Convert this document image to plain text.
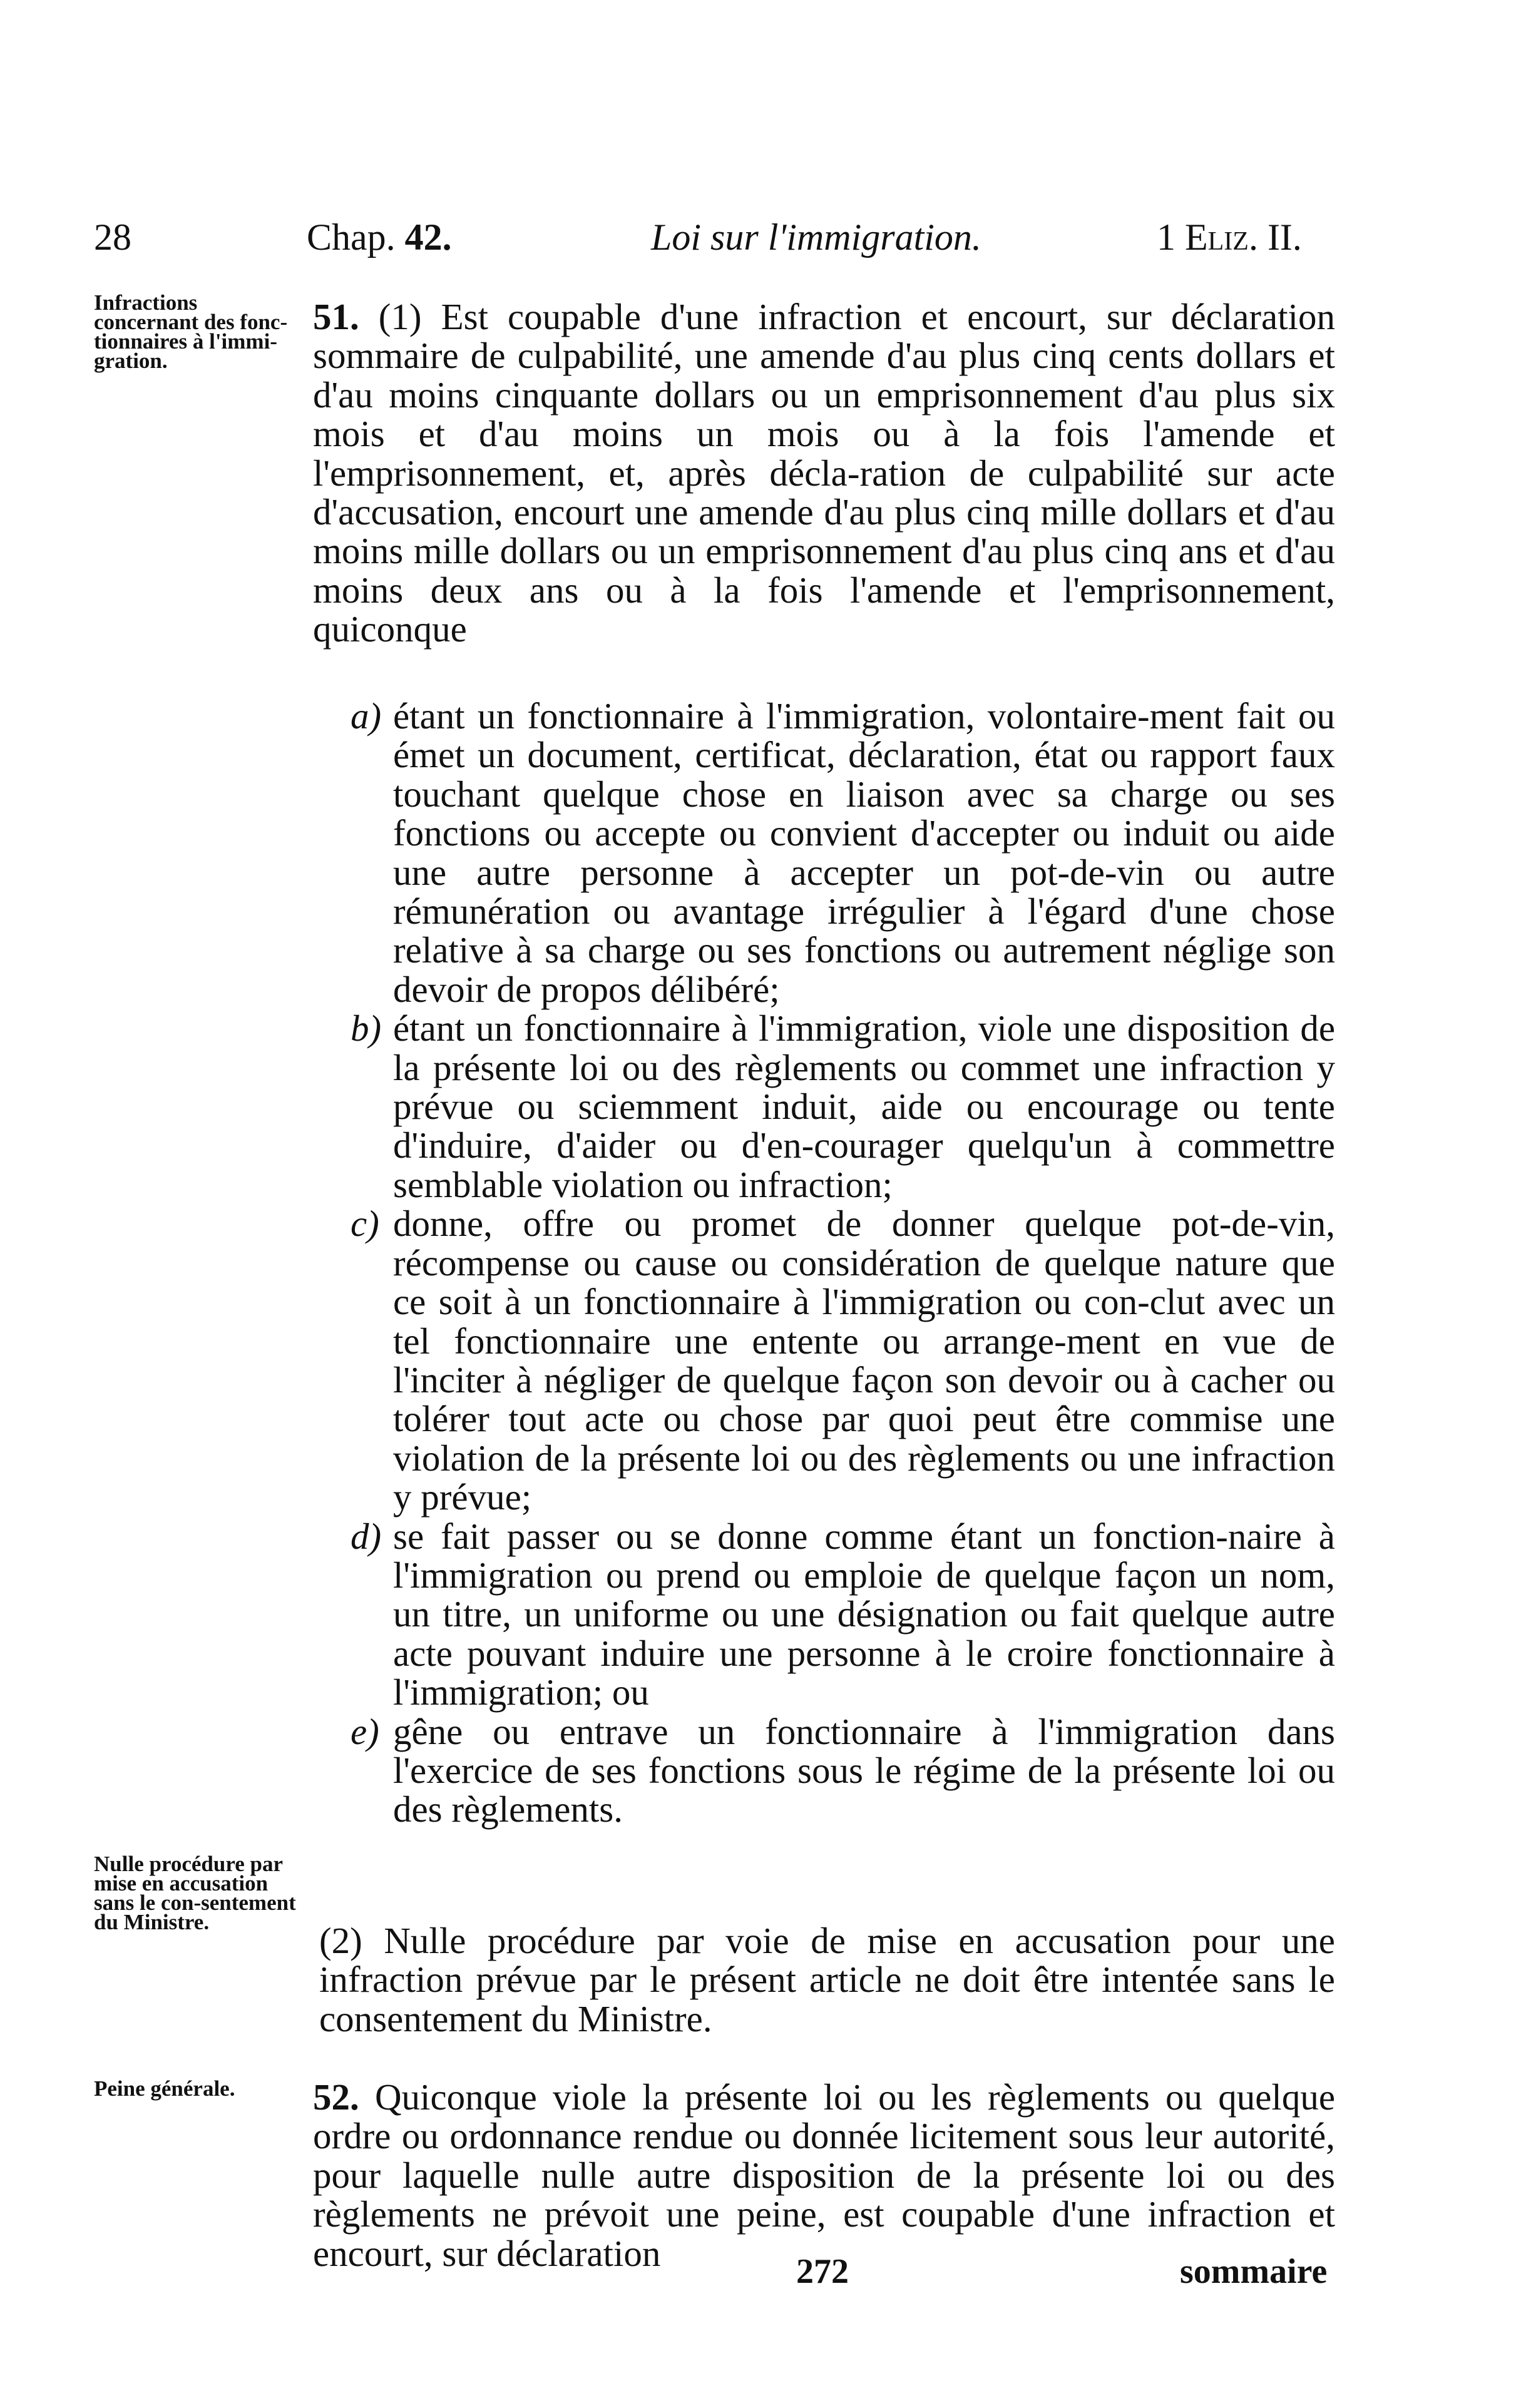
28	Chap. 42.	Loi sur l'immigration.	1 Eliz. II.
Infractions concernant des fonc-tionnaires à l'immi-gration.
Nulle procédure par mise en accusation sans le con-sentement du Ministre.
Peine générale.

51. (1) Est coupable d'une infraction et encourt, sur déclaration sommaire de culpabilité, une amende d'au plus cinq cents dollars et d'au moins cinquante dollars ou un emprisonnement d'au plus six mois et d'au moins un mois ou à la fois l'amende et l'emprisonnement, et, après décla-ration de culpabilité sur acte d'accusation, encourt une amende d'au plus cinq mille dollars et d'au moins mille dollars ou un emprisonnement d'au plus cinq ans et d'au moins deux ans ou à la fois l'amende et l'emprisonnement, quiconque

a) étant un fonctionnaire à l'immigration, volontaire-ment fait ou émet un document, certificat, déclaration, état ou rapport faux touchant quelque chose en liaison avec sa charge ou ses fonctions ou accepte ou convient d'accepter ou induit ou aide une autre personne à accepter un pot-de-vin ou autre rémunération ou avantage irrégulier à l'égard d'une chose relative à sa charge ou ses fonctions ou autrement néglige son devoir de propos délibéré;

b) étant un fonctionnaire à l'immigration, viole une disposition de la présente loi ou des règlements ou commet une infraction y prévue ou sciemment induit, aide ou encourage ou tente d'induire, d'aider ou d'en-courager quelqu'un à commettre semblable violation ou infraction;

c) donne, offre ou promet de donner quelque pot-de-vin, récompense ou cause ou considération de quelque nature que ce soit à un fonctionnaire à l'immigration ou con-clut avec un tel fonctionnaire une entente ou arrange-ment en vue de l'inciter à négliger de quelque façon son devoir ou à cacher ou tolérer tout acte ou chose par quoi peut être commise une violation de la présente loi ou des règlements ou une infraction y prévue;

d) se fait passer ou se donne comme étant un fonction-naire à l'immigration ou prend ou emploie de quelque façon un nom, un titre, un uniforme ou une désignation ou fait quelque autre acte pouvant induire une personne à le croire fonctionnaire à l'immigration; ou

e) gêne ou entrave un fonctionnaire à l'immigration dans l'exercice de ses fonctions sous le régime de la présente loi ou des règlements.

(2) Nulle procédure par voie de mise en accusation pour une infraction prévue par le présent article ne doit être intentée sans le consentement du Ministre.

52. Quiconque viole la présente loi ou les règlements ou quelque ordre ou ordonnance rendue ou donnée licitement sous leur autorité, pour laquelle nulle autre disposition de la présente loi ou des règlements ne prévoit une peine, est coupable d'une infraction et encourt, sur déclaration	272	sommaire
